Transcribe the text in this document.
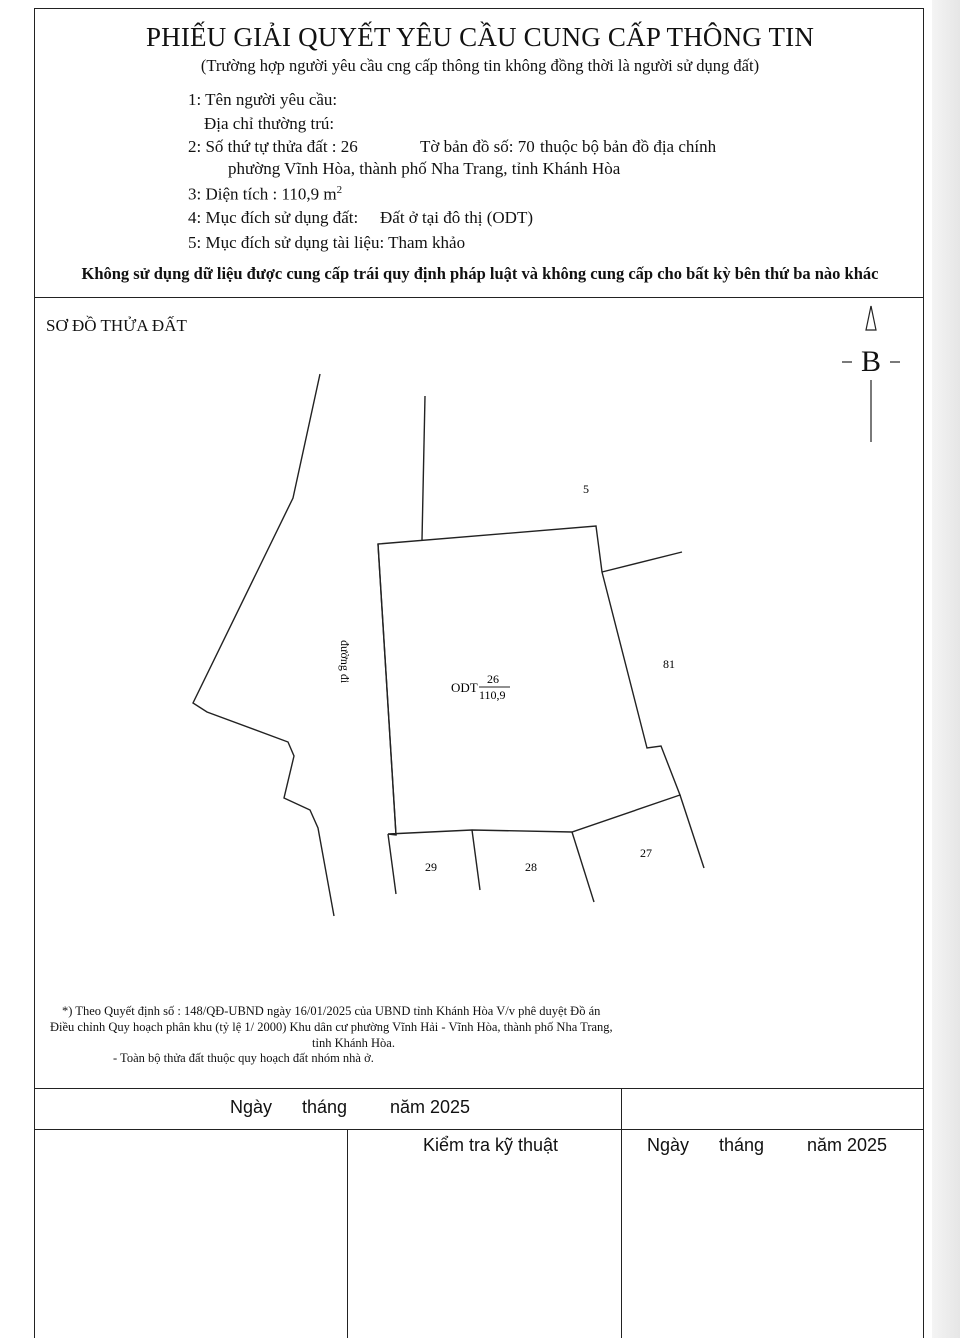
PHIẾU GIẢI QUYẾT YÊU CẦU CUNG CẤP THÔNG TIN
(Trường hợp người yêu cầu cng cấp thông tin không đồng thời là người sử dụng đất)
1: Tên người yêu cầu:
Địa chỉ thường trú:
2: Số thứ tự thửa đất : 26	Tờ bản đồ số: 70 thuộc bộ bản đồ địa chính
phường Vĩnh Hòa, thành phố Nha Trang, tỉnh Khánh Hòa
3: Diện tích : 110,9 $m^2$
4: Mục đích sử dụng đất: Đất ở tại đô thị (ODT)
5: Mục đích sử dụng tài liệu: Tham khảo
Không sử dụng dữ liệu được cung cấp trái quy định pháp luật và không cung cấp cho bất kỳ bên thứ ba nào khác
SƠ ĐỒ THỬA ĐẤT
5
81
27
28
29
đường đi
ODT
26
110,9
B
*) Theo Quyết định số : 148/QĐ-UBND ngày 16/01/2025 của UBND tỉnh Khánh Hòa V/v phê duyệt Đồ án
Điều chỉnh Quy hoạch phân khu (tỷ lệ 1/ 2000) Khu dân cư phường Vĩnh Hải - Vĩnh Hòa, thành phố Nha Trang,
tỉnh Khánh Hòa.
- Toàn bộ thửa đất thuộc quy hoạch đất nhóm nhà ở.
Ngày tháng năm 2025
Kiểm tra kỹ thuật	Ngày tháng năm 2025
